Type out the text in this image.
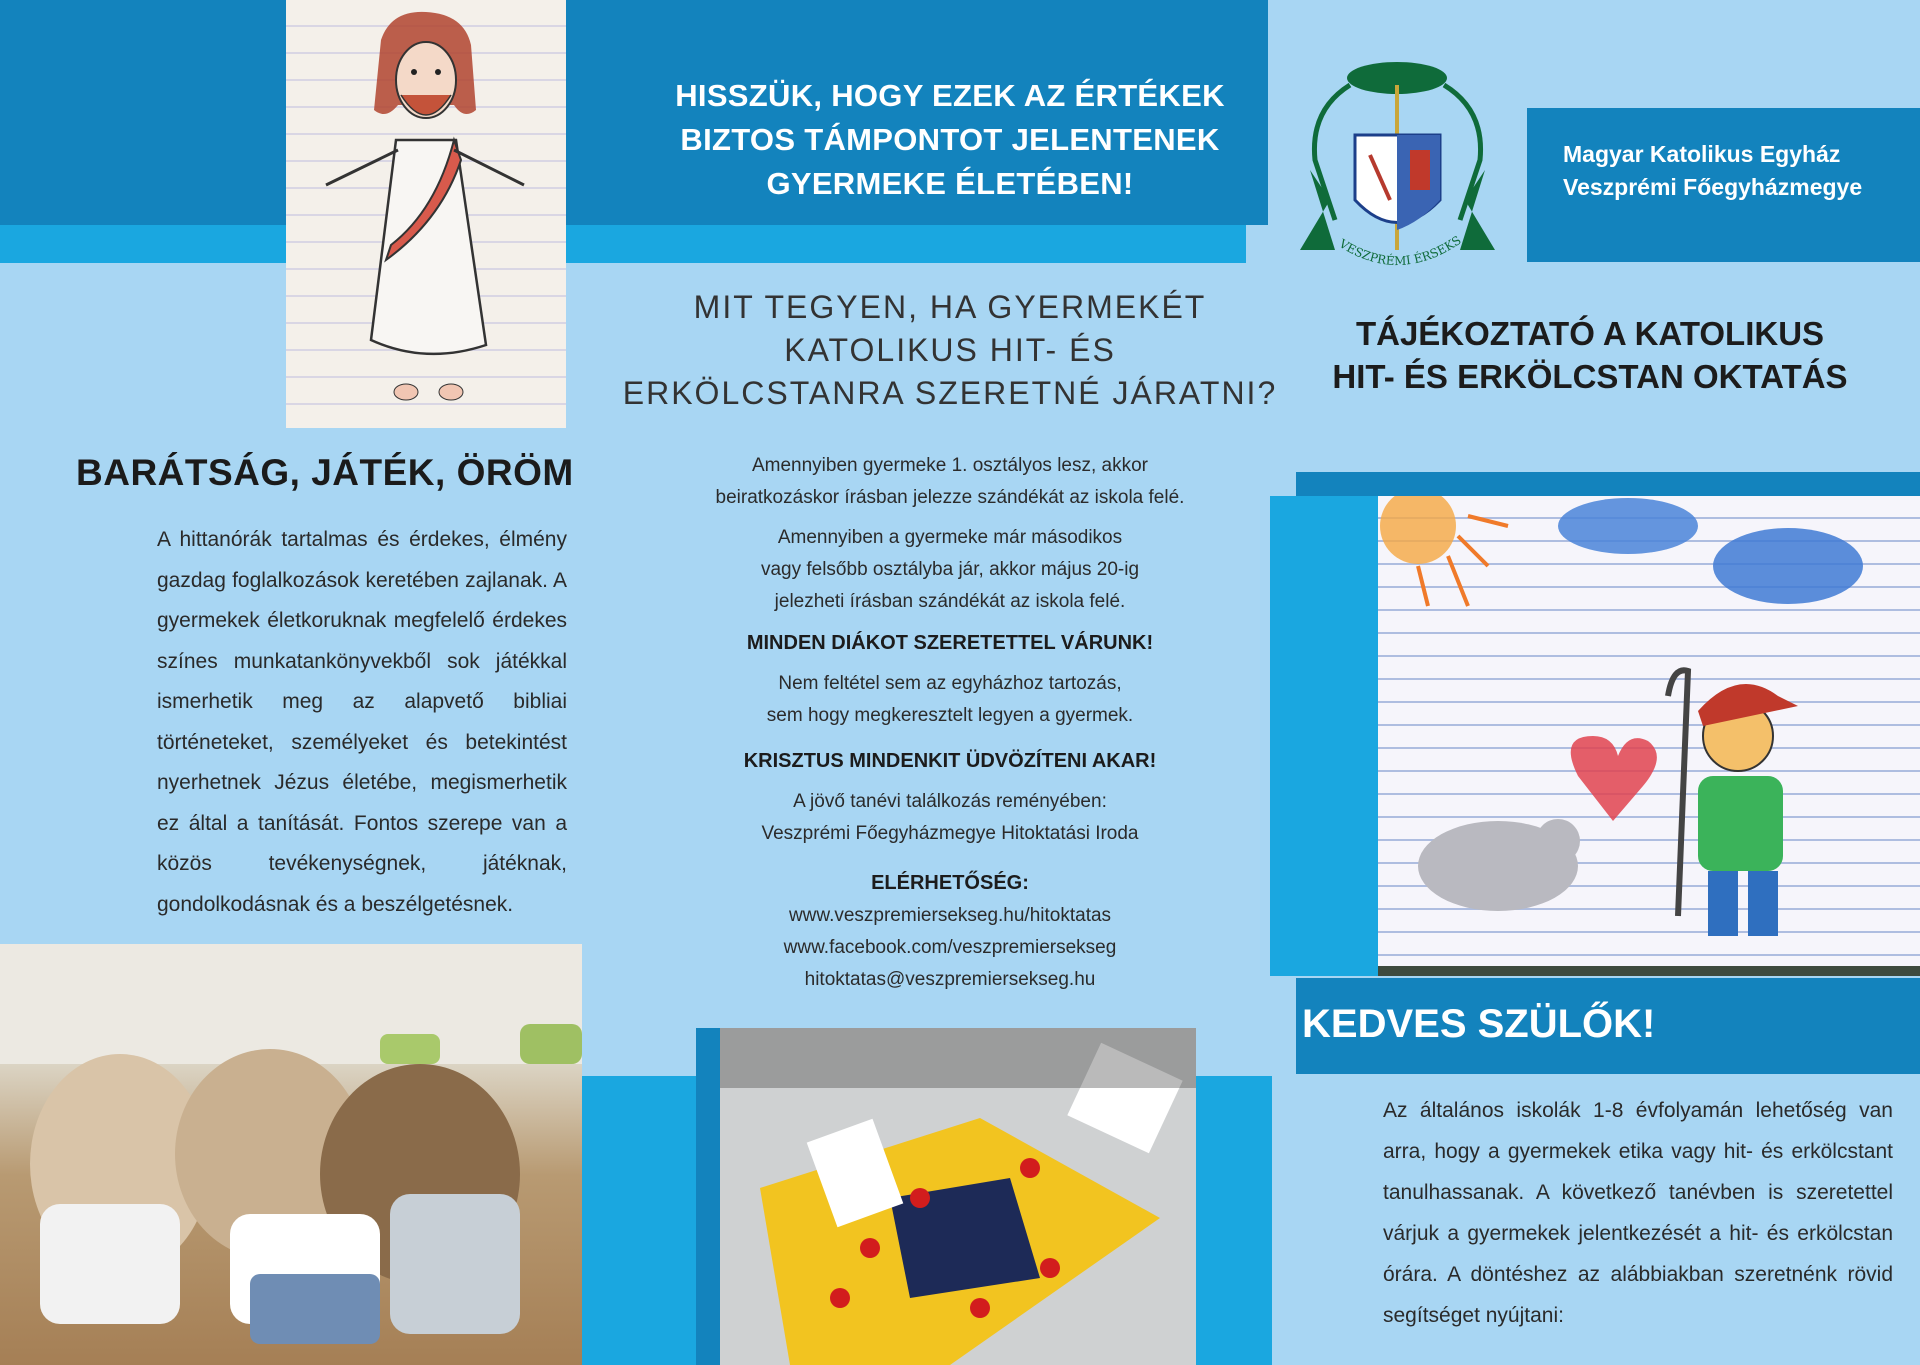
BARÁTSÁG, JÁTÉK, ÖRÖM

A hittanórák tartalmas és érdekes, élmény gazdag foglalkozások keretében zajlanak. A gyermekek életkoruknak megfelelő érdekes színes munkatankönyvekből sok játékkal ismerhetik meg az alapvető bibliai történeteket, személyeket és betekintést nyerhetnek Jézus életébe, megismerhetik ez által a tanítását. Fontos szerepe van a közös tevékenységnek, játéknak, gondolkodásnak és a beszélgetésnek.

HISSZÜK, HOGY EZEK AZ ÉRTÉKEK
BIZTOS TÁMPONTOT JELENTENEK
GYERMEKE ÉLETÉBEN!
MIT TEGYEN, HA GYERMEKÉT
KATOLIKUS HIT- ÉS
ERKÖLCSTANRA SZERETNÉ JÁRATNI?
Amennyiben gyermeke 1. osztályos lesz, akkor
beiratkozáskor írásban jelezze szándékát az iskola felé.
Amennyiben a gyermeke már másodikos
vagy felsőbb osztályba jár, akkor május 20-ig
jelezheti írásban szándékát az iskola felé.
MINDEN DIÁKOT SZERETETTEL VÁRUNK!
Nem feltétel sem az egyházhoz tartozás,
sem hogy megkeresztelt legyen a gyermek.
KRISZTUS MINDENKIT ÜDVÖZÍTENI AKAR!
A jövő tanévi találkozás reményében:
Veszprémi Főegyházmegye Hitoktatási Iroda
ELÉRHETŐSÉG:
www.veszpremiersekseg.hu/hitoktatas
www.facebook.com/veszpremiersekseg
hitoktatas@veszpremiersekseg.hu
VESZPRÉMI ÉRSEKS
Magyar Katolikus Egyház
Veszprémi Főegyházmegye
TÁJÉKOZTATÓ A KATOLIKUS
HIT- ÉS ERKÖLCSTAN OKTATÁS
KEDVES SZÜLŐK!

Az általános iskolák 1-8 évfolyamán lehetőség van arra, hogy a gyermekek etika vagy hit- és erkölcstant tanulhassanak. A következő tanévben is szeretettel várjuk a gyermekek jelentkezését a hit- és erkölcstan órára. A döntéshez az alábbiakban szeretnénk rövid segítséget nyújtani:
